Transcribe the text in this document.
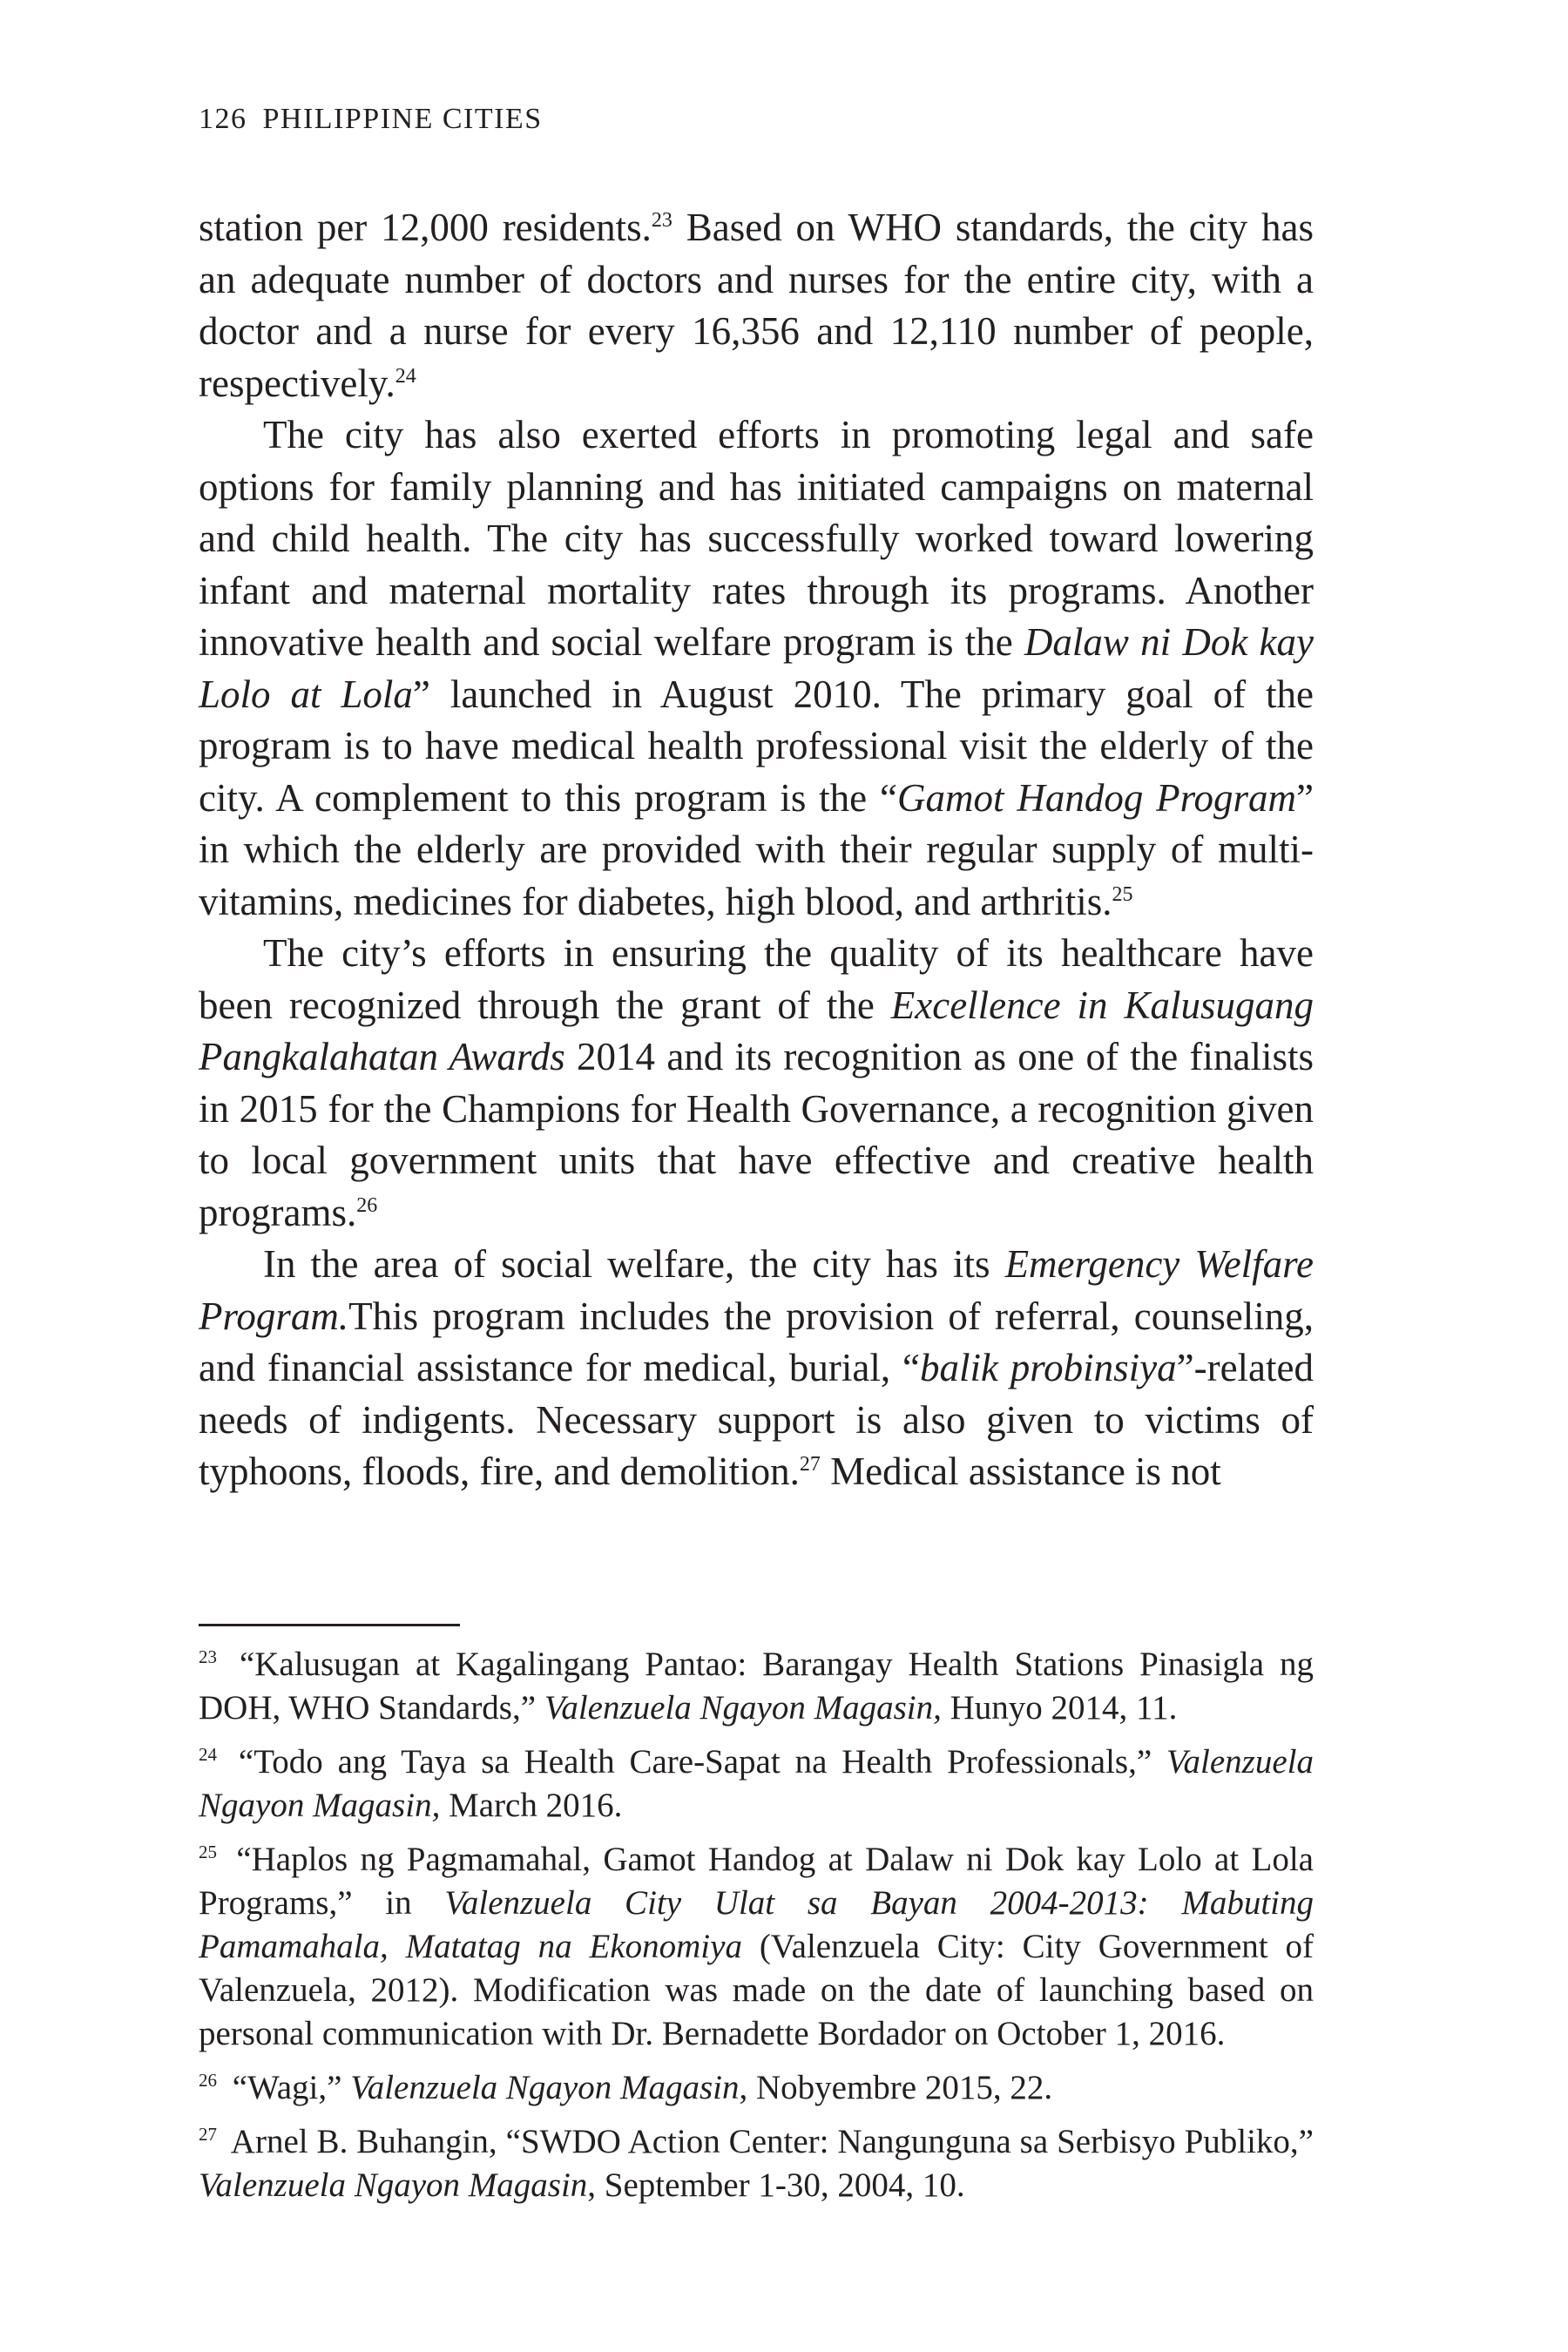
126 PHILIPPINE CITIES

station per 12,000 residents.$^{23}$ Based on WHO standards, the city has an adequate number of doctors and nurses for the entire city, with a doctor and a nurse for every 16,356 and 12,110 number of people, respectively.$^{24}$

The city has also exerted efforts in promoting legal and safe options for family planning and has initiated campaigns on maternal and child health. The city has successfully worked toward lowering infant and maternal mortality rates through its programs. Another innovative health and social welfare program is the Dalaw ni Dok kay Lolo at Lola” launched in August 2010. The primary goal of the program is to have medical health professional visit the elderly of the city. A complement to this program is the “Gamot Handog Program” in which the elderly are provided with their regular supply of multi-vitamins, medicines for diabetes, high blood, and arthritis.$^{25}$

The city’s efforts in ensuring the quality of its healthcare have been recognized through the grant of the Excellence in Kalusugang Pangkalahatan Awards 2014 and its recognition as one of the finalists in 2015 for the Champions for Health Governance, a recognition given to local government units that have effective and creative health programs.$^{26}$

In the area of social welfare, the city has its Emergency Welfare Program.This program includes the provision of referral, counseling, and financial assistance for medical, burial, “balik probinsiya”-related needs of indigents. Necessary support is also given to victims of typhoons, floods, fire, and demolition.$^{27}$ Medical assistance is not

$^{23}$ “Kalusugan at Kagalingang Pantao: Barangay Health Stations Pinasigla ng DOH, WHO Standards,” Valenzuela Ngayon Magasin, Hunyo 2014, 11.

$^{24}$ “Todo ang Taya sa Health Care-Sapat na Health Professionals,” Valenzuela Ngayon Magasin, March 2016.

$^{25}$ “Haplos ng Pagmamahal, Gamot Handog at Dalaw ni Dok kay Lolo at Lola Programs,” in Valenzuela City Ulat sa Bayan 2004-2013: Mabuting Pamamahala, Matatag na Ekonomiya (Valenzuela City: City Government of Valenzuela, 2012). Modification was made on the date of launching based on personal communication with Dr. Bernadette Bordador on October 1, 2016.

$^{26}$ “Wagi,” Valenzuela Ngayon Magasin, Nobyembre 2015, 22.

$^{27}$ Arnel B. Buhangin, “SWDO Action Center: Nangunguna sa Serbisyo Publiko,” Valenzuela Ngayon Magasin, September 1-30, 2004, 10.
